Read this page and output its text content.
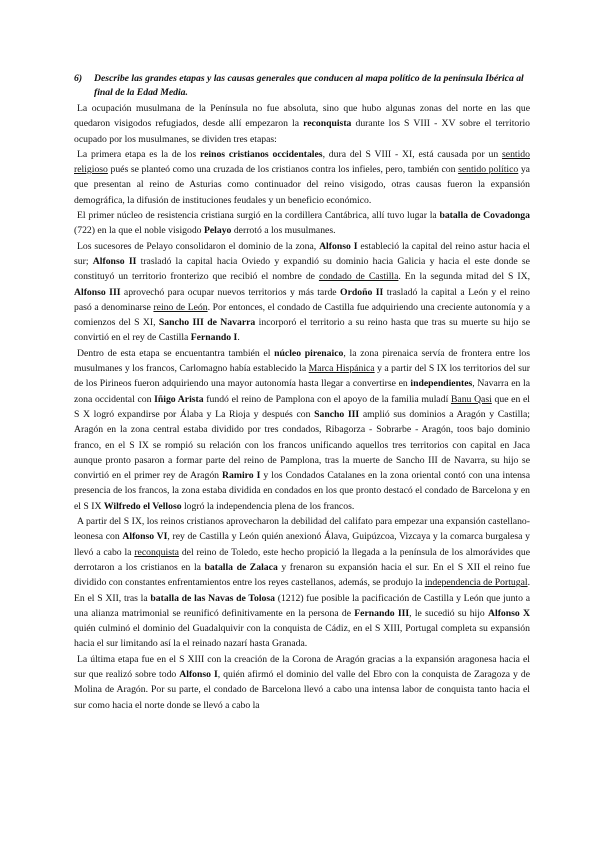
6) Describe las grandes etapas y las causas generales que conducen al mapa político de la península Ibérica al final de la Edad Media.

La ocupación musulmana de la Península no fue absoluta, sino que hubo algunas zonas del norte en las que quedaron visigodos refugiados, desde allí empezaron la reconquista durante los S VIII - XV sobre el territorio ocupado por los musulmanes, se dividen tres etapas:

La primera etapa es la de los reinos cristianos occidentales, dura del S VIII - XI, está causada por un sentido religioso pués se planteó como una cruzada de los cristianos contra los infieles, pero, también con sentido político ya que presentan al reino de Asturias como continuador del reino visigodo, otras causas fueron la expansión demográfica, la difusión de instituciones feudales y un beneficio económico.

El primer núcleo de resistencia cristiana surgió en la cordillera Cantábrica, allí tuvo lugar la batalla de Covadonga (722) en la que el noble visigodo Pelayo derrotó a los musulmanes.

Los sucesores de Pelayo consolidaron el dominio de la zona, Alfonso I estableció la capital del reino astur hacia el sur; Alfonso II trasladó la capital hacia Oviedo y expandió su dominio hacia Galicia y hacia el este donde se constituyó un territorio fronterizo que recibió el nombre de condado de Castilla. En la segunda mitad del S IX, Alfonso III aprovechó para ocupar nuevos territorios y más tarde Ordoño II trasladó la capital a León y el reino pasó a denominarse reino de León. Por entonces, el condado de Castilla fue adquiriendo una creciente autonomía y a comienzos del S XI, Sancho III de Navarra incorporó el territorio a su reino hasta que tras su muerte su hijo se convirtió en el rey de Castilla Fernando I.

Dentro de esta etapa se encuentantra también el núcleo pirenaico, la zona pirenaica servía de frontera entre los musulmanes y los francos, Carlomagno había establecido la Marca Hispánica y a partir del S IX los territorios del sur de los Pirineos fueron adquiriendo una mayor autonomía hasta llegar a convertirse en independientes, Navarra en la zona occidental con Iñigo Arista fundó el reino de Pamplona con el apoyo de la familia muladí Banu Qasi que en el S X logró expandirse por Álaba y La Rioja y después con Sancho III amplió sus dominios a Aragón y Castilla; Aragón en la zona central estaba dividido por tres condados, Ribagorza - Sobrarbe - Aragón, toos bajo dominio franco, en el S IX se rompió su relación con los francos unificando aquellos tres territorios con capital en Jaca aunque pronto pasaron a formar parte del reino de Pamplona, tras la muerte de Sancho III de Navarra, su hijo se convirtió en el primer rey de Aragón Ramiro I y los Condados Catalanes en la zona oriental contó con una intensa presencia de los francos, la zona estaba dividida en condados en los que pronto destacó el condado de Barcelona y en el S IX Wilfredo el Velloso logró la independencia plena de los francos.

A partir del S IX, los reinos cristianos aprovecharon la debilidad del califato para empezar una expansión castellano-leonesa con Alfonso VI, rey de Castilla y León quién anexionó Álava, Guipúzcoa, Vizcaya y la comarca burgalesa y llevó a cabo la reconquista del reino de Toledo, este hecho propició la llegada a la península de los almorávides que derrotaron a los cristianos en la batalla de Zalaca y frenaron su expansión hacia el sur. En el S XII el reino fue dividido con constantes enfrentamientos entre los reyes castellanos, además, se produjo la independencia de Portugal. En el S XII, tras la batalla de las Navas de Tolosa (1212) fue posible la pacificación de Castilla y León que junto a una alianza matrimonial se reunificó definitivamente en la persona de Fernando III, le sucedió su hijo Alfonso X quién culminó el dominio del Guadalquivir con la conquista de Cádiz, en el S XIII, Portugal completa su expansión hacia el sur limitando así la el reinado nazarí hasta Granada.

La última etapa fue en el S XIII con la creación de la Corona de Aragón gracias a la expansión aragonesa hacia el sur que realizó sobre todo Alfonso I, quién afirmó el dominio del valle del Ebro con la conquista de Zaragoza y de Molina de Aragón. Por su parte, el condado de Barcelona llevó a cabo una intensa labor de conquista tanto hacia el sur como hacia el norte donde se llevó a cabo la
